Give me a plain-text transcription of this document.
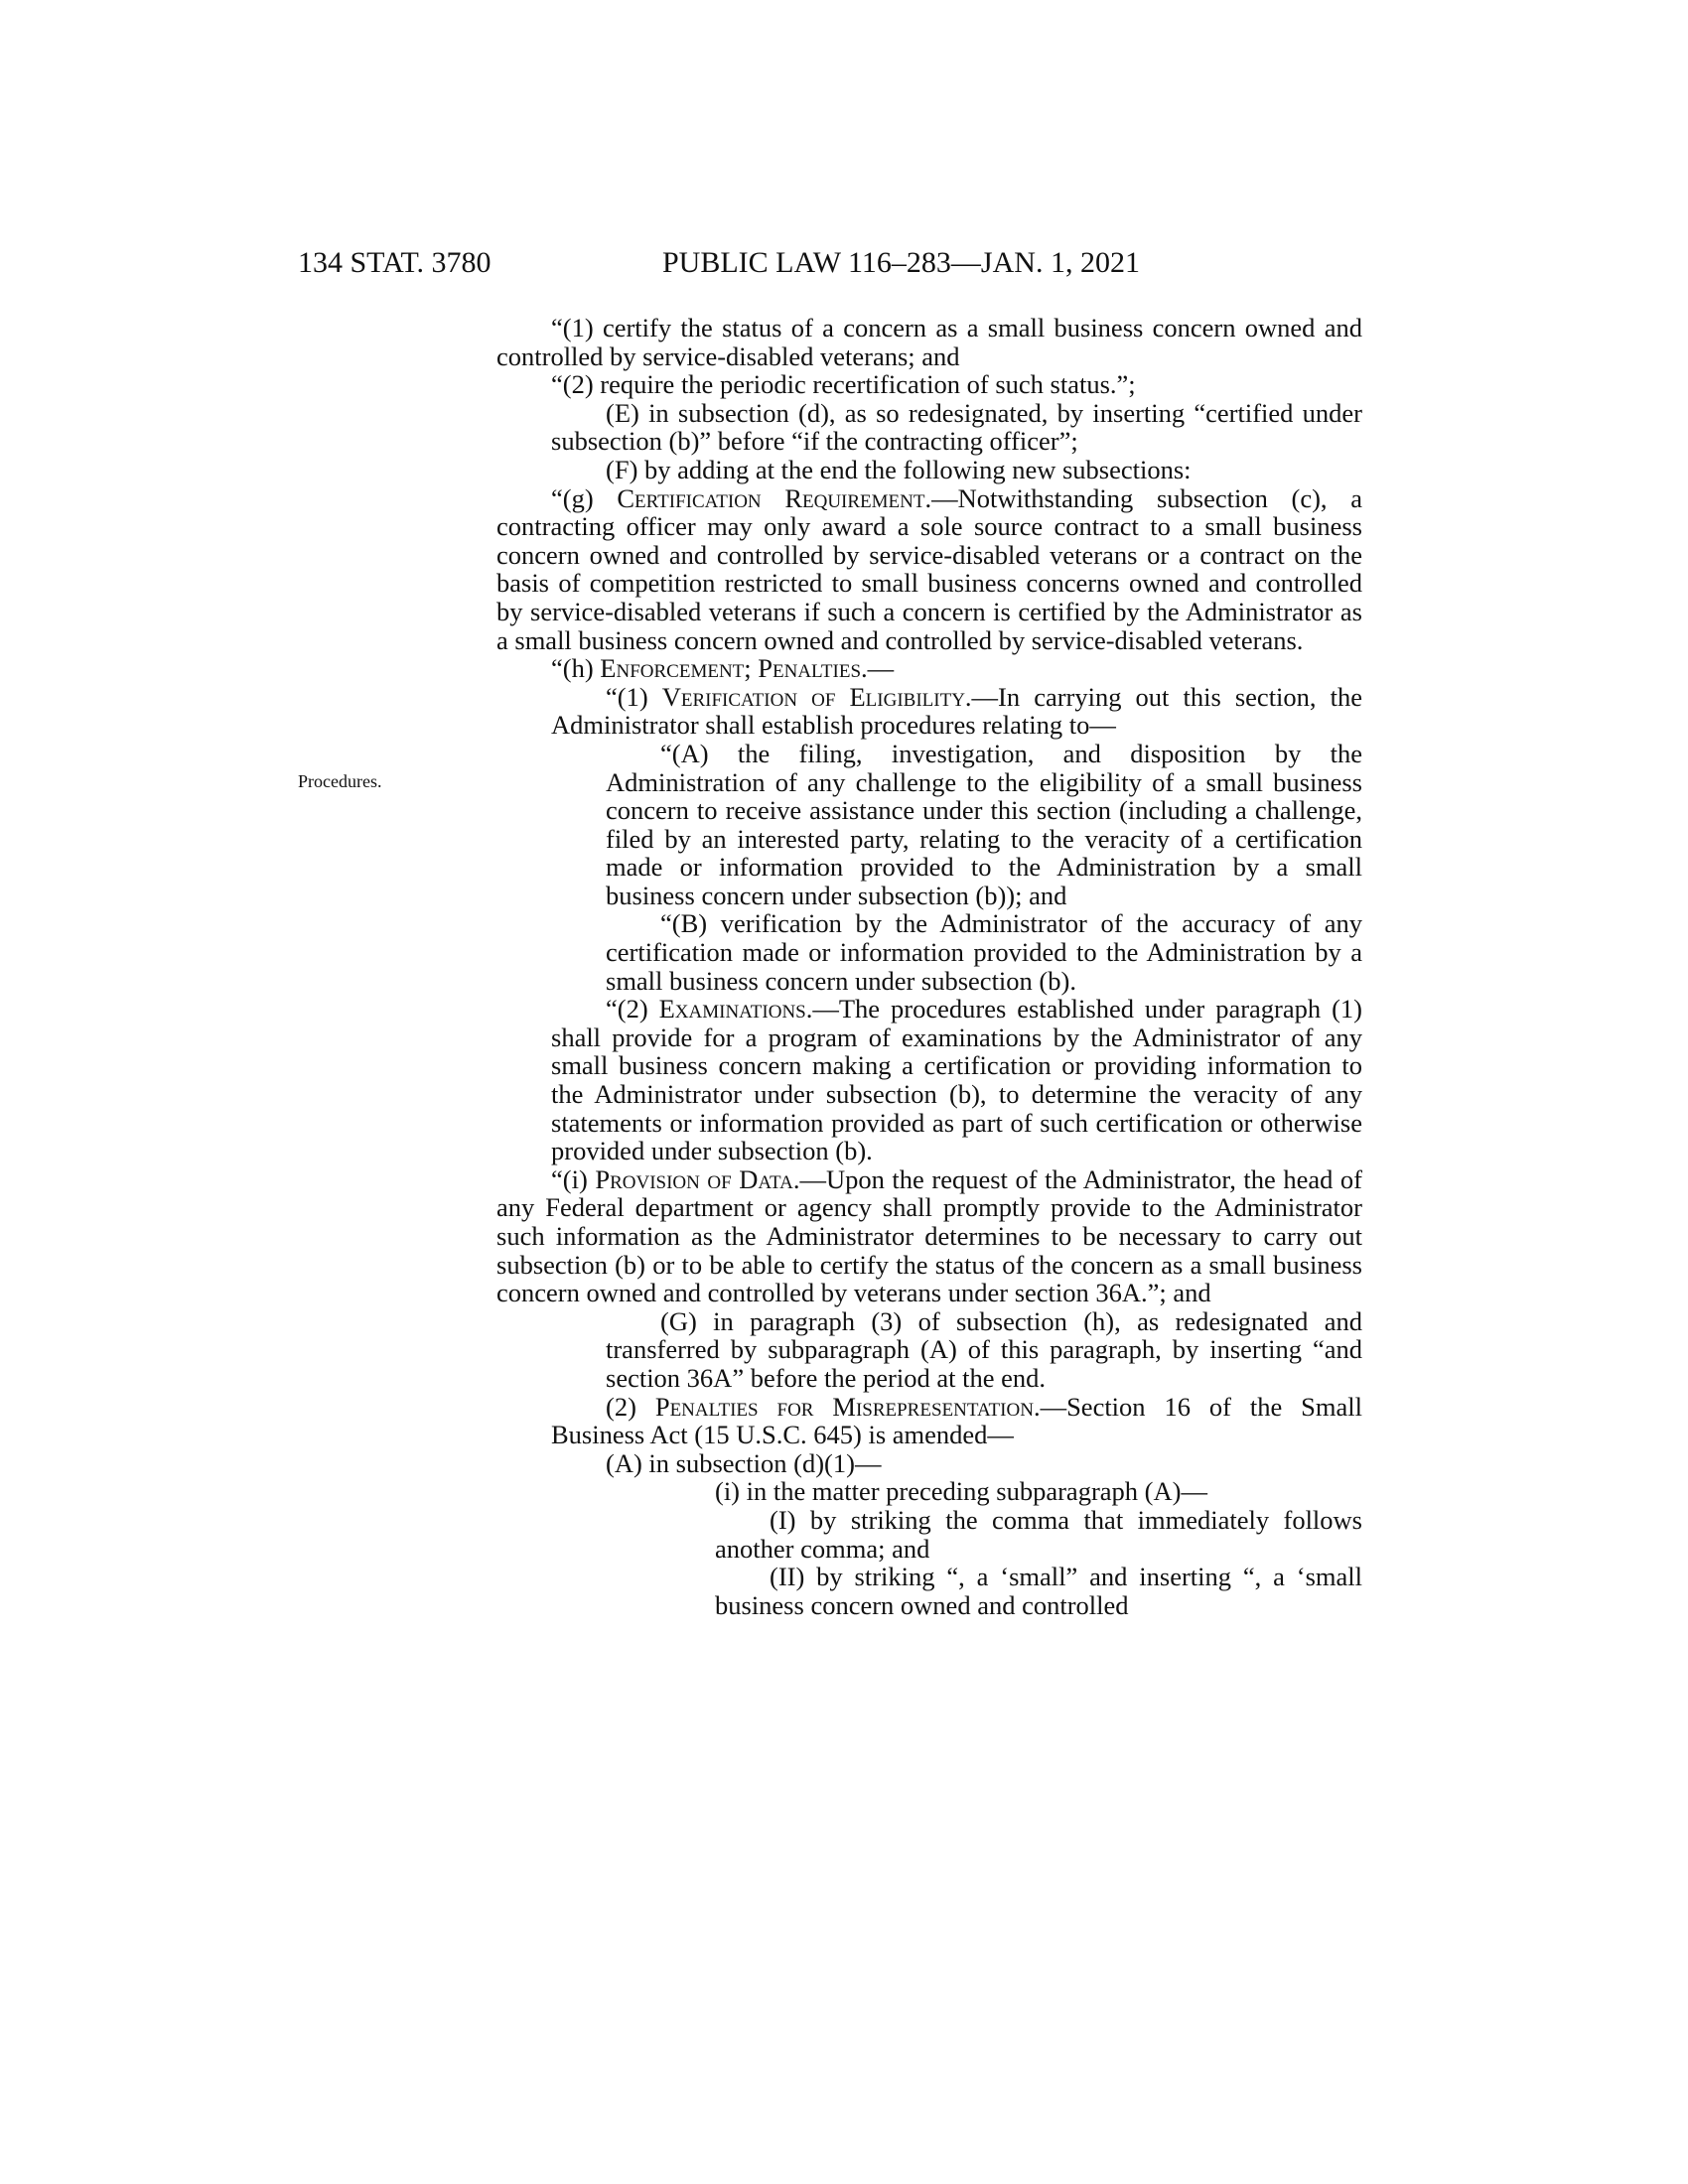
134 STAT. 3780	PUBLIC LAW 116–283—JAN. 1, 2021
Procedures.

“(1) certify the status of a concern as a small business concern owned and controlled by service-disabled veterans; and

“(2) require the periodic recertification of such status.”;

(E) in subsection (d), as so redesignated, by inserting “certified under subsection (b)” before “if the contracting officer”;

(F) by adding at the end the following new subsections:

“(g) Certification Requirement.—Notwithstanding subsection (c), a contracting officer may only award a sole source contract to a small business concern owned and controlled by service-disabled veterans or a contract on the basis of competition restricted to small business concerns owned and controlled by service-disabled veterans if such a concern is certified by the Administrator as a small business concern owned and controlled by service-disabled veterans.

“(h) Enforcement; Penalties.—

“(1) Verification of Eligibility.—In carrying out this section, the Administrator shall establish procedures relating to—

“(A) the filing, investigation, and disposition by the Administration of any challenge to the eligibility of a small business concern to receive assistance under this section (including a challenge, filed by an interested party, relating to the veracity of a certification made or information provided to the Administration by a small business concern under subsection (b)); and

“(B) verification by the Administrator of the accuracy of any certification made or information provided to the Administration by a small business concern under subsection (b).

“(2) Examinations.—The procedures established under paragraph (1) shall provide for a program of examinations by the Administrator of any small business concern making a certification or providing information to the Administrator under subsection (b), to determine the veracity of any statements or information provided as part of such certification or otherwise provided under subsection (b).

“(i) Provision of Data.—Upon the request of the Administrator, the head of any Federal department or agency shall promptly provide to the Administrator such information as the Administrator determines to be necessary to carry out subsection (b) or to be able to certify the status of the concern as a small business concern owned and controlled by veterans under section 36A.”; and

(G) in paragraph (3) of subsection (h), as redesignated and transferred by subparagraph (A) of this paragraph, by inserting “and section 36A” before the period at the end.

(2) Penalties for Misrepresentation.—Section 16 of the Small Business Act (15 U.S.C. 645) is amended—

(A) in subsection (d)(1)—

(i) in the matter preceding subparagraph (A)—

(I) by striking the comma that immediately follows another comma; and

(II) by striking “, a ‘small” and inserting “, a ‘small business concern owned and controlled
